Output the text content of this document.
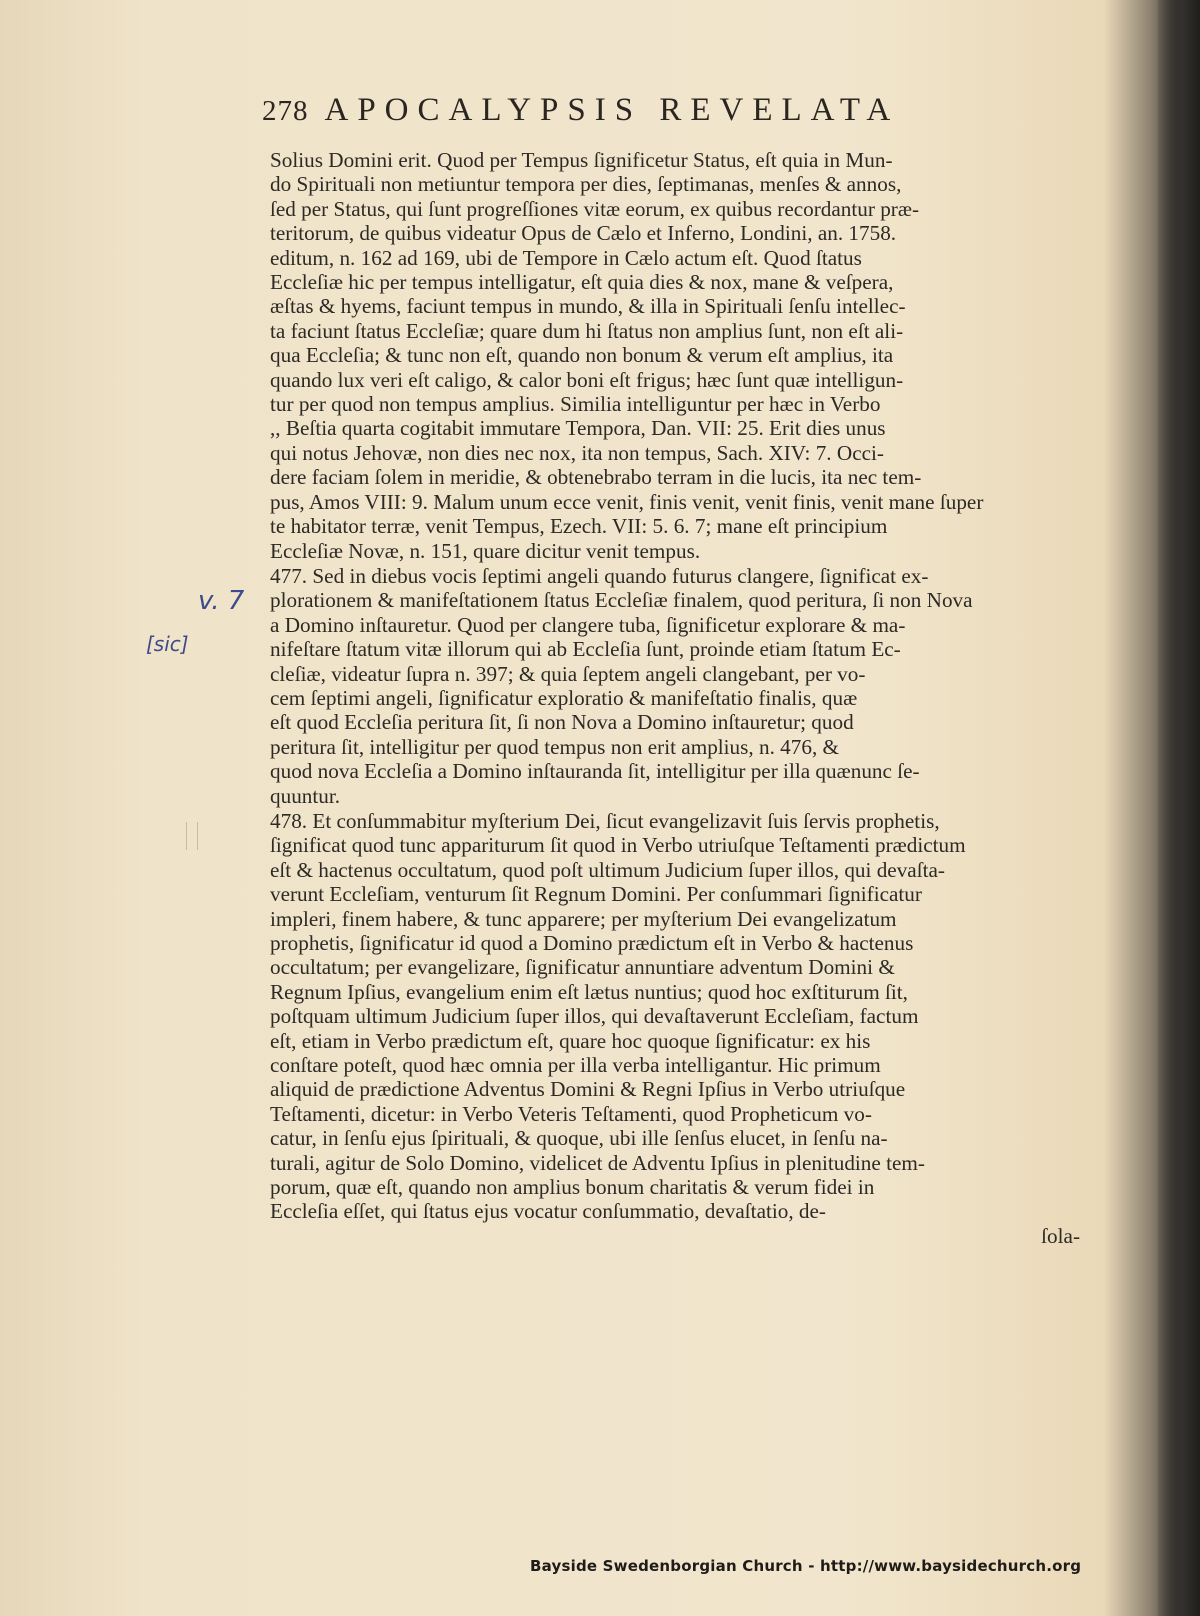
278 APOCALYPSIS REVELATA
v. 7
[sic]

Solius Domini erit. Quod per Tempus ſignificetur Status, eſt quia in Mun-

do Spirituali non metiuntur tempora per dies, ſeptimanas, menſes & annos,

ſed per Status, qui ſunt progreſſiones vitæ eorum, ex quibus recordantur præ-

teritorum, de quibus videatur Opus de Cælo et Inferno, Londini, an. 1758.

editum, n. 162 ad 169, ubi de Tempore in Cælo actum eſt. Quod ſtatus

Eccleſiæ hic per tempus intelligatur, eſt quia dies & nox, mane & veſpera,

æſtas & hyems, faciunt tempus in mundo, & illa in Spirituali ſenſu intellec-

ta faciunt ſtatus Eccleſiæ; quare dum hi ſtatus non amplius ſunt, non eſt ali-

qua Eccleſia; & tunc non eſt, quando non bonum & verum eſt amplius, ita

quando lux veri eſt caligo, & calor boni eſt frigus; hæc ſunt quæ intelligun-

tur per quod non tempus amplius. Similia intelliguntur per hæc in Verbo

,, Beſtia quarta cogitabit immutare Tempora, Dan. VII: 25. Erit dies unus

qui notus Jehovæ, non dies nec nox, ita non tempus, Sach. XIV: 7. Occi-

dere faciam ſolem in meridie, & obtenebrabo terram in die lucis, ita nec tem-

pus, Amos VIII: 9. Malum unum ecce venit, finis venit, venit finis, venit mane ſuper

te habitator terræ, venit Tempus, Ezech. VII: 5. 6. 7; mane eſt principium

Eccleſiæ Novæ, n. 151, quare dicitur venit tempus.

477. Sed in diebus vocis ſeptimi angeli quando futurus clangere, ſignificat ex-

plorationem & manifeſtationem ſtatus Eccleſiæ finalem, quod peritura, ſi non Nova

a Domino inſtauretur. Quod per clangere tuba, ſignificetur explorare & ma-

nifeſtare ſtatum vitæ illorum qui ab Eccleſia ſunt, proinde etiam ſtatum Ec-

cleſiæ, videatur ſupra n. 397; & quia ſeptem angeli clangebant, per vo-

cem ſeptimi angeli, ſignificatur exploratio & manifeſtatio finalis, quæ

eſt quod Eccleſia peritura ſit, ſi non Nova a Domino inſtauretur; quod

peritura ſit, intelligitur per quod tempus non erit amplius, n. 476, &

quod nova Eccleſia a Domino inſtauranda ſit, intelligitur per illa quænunc ſe-

quuntur.

478. Et conſummabitur myſterium Dei, ſicut evangelizavit ſuis ſervis prophetis,

ſignificat quod tunc appariturum ſit quod in Verbo utriuſque Teſtamenti prædictum

eſt & hactenus occultatum, quod poſt ultimum Judicium ſuper illos, qui devaſta-

verunt Eccleſiam, venturum ſit Regnum Domini. Per conſummari ſignificatur

impleri, finem habere, & tunc apparere; per myſterium Dei evangelizatum

prophetis, ſignificatur id quod a Domino prædictum eſt in Verbo & hactenus

occultatum; per evangelizare, ſignificatur annuntiare adventum Domini &

Regnum Ipſius, evangelium enim eſt lætus nuntius; quod hoc exſtiturum ſit,

poſtquam ultimum Judicium ſuper illos, qui devaſtaverunt Eccleſiam, factum

eſt, etiam in Verbo prædictum eſt, quare hoc quoque ſignificatur: ex his

conſtare poteſt, quod hæc omnia per illa verba intelligantur. Hic primum

aliquid de prædictione Adventus Domini & Regni Ipſius in Verbo utriuſque

Teſtamenti, dicetur: in Verbo Veteris Teſtamenti, quod Propheticum vo-

catur, in ſenſu ejus ſpirituali, & quoque, ubi ille ſenſus elucet, in ſenſu na-

turali, agitur de Solo Domino, videlicet de Adventu Ipſius in plenitudine tem-

porum, quæ eſt, quando non amplius bonum charitatis & verum fidei in

Eccleſia eſſet, qui ſtatus ejus vocatur conſummatio, devaſtatio, de-

ſola-

Bayside Swedenborgian Church - http://www.baysidechurch.org
